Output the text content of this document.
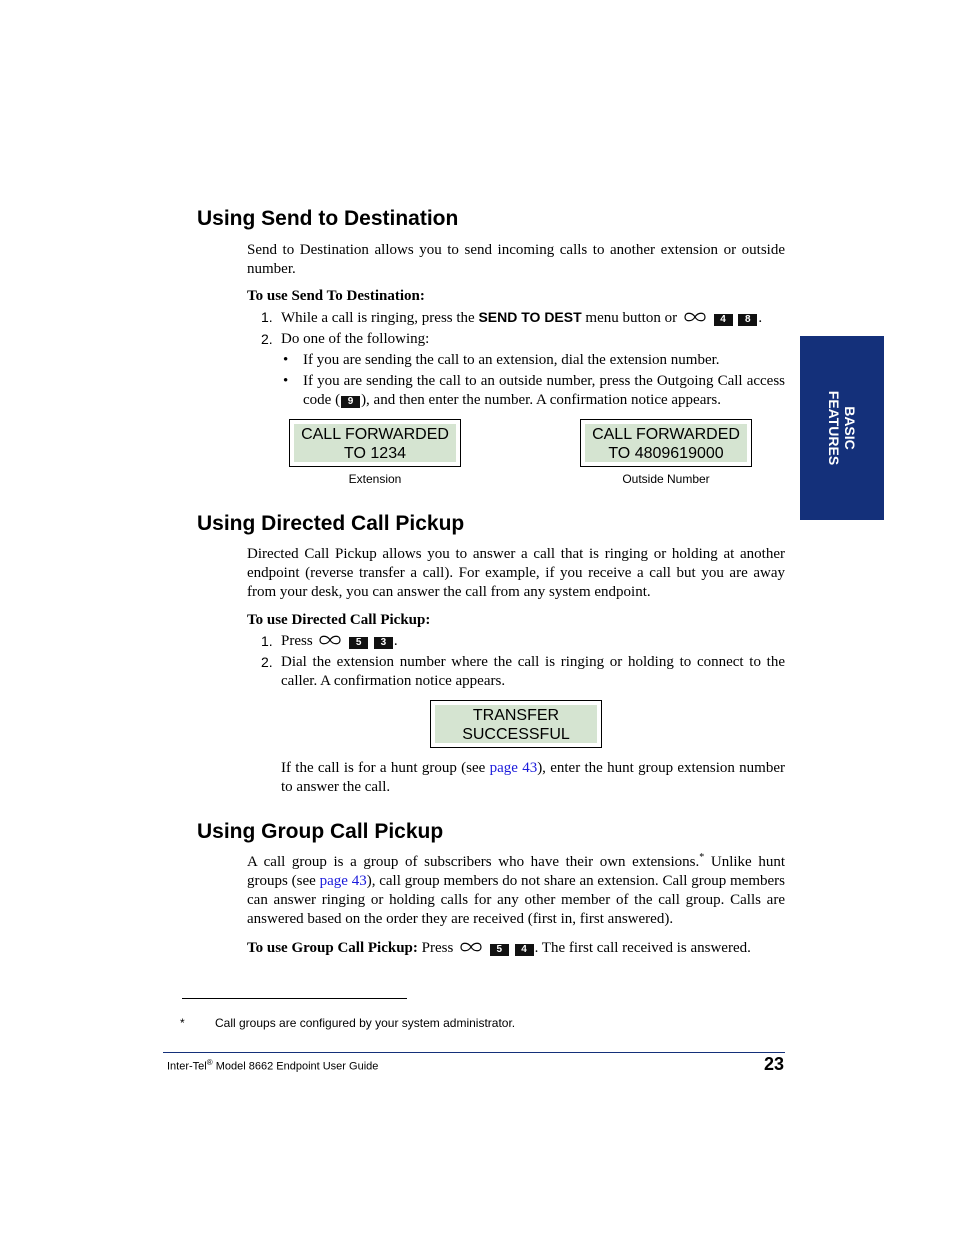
BASIC
FEATURES
Using Send to Destination

Send to Destination allows you to send incoming calls to another extension or outside number.

To use Send To Destination:
1. While a call is ringing, press the SEND TO DEST menu button or	4 8 .
2. Do one of the following:
• If you are sending the call to an extension, dial the extension number.
• If you are sending the call to an outside number, press the Outgoing Call access code ( 9 ), and then enter the number. A confirmation notice appears.
CALL FORWARDED
TO 1234
Extension
CALL FORWARDED
TO 4809619000
Outside Number
Using Directed Call Pickup

Directed Call Pickup allows you to answer a call that is ringing or holding at another endpoint (reverse transfer a call). For example, if you receive a call but you are away from your desk, you can answer the call from any system endpoint.

To use Directed Call Pickup:
1. Press	5 3 .
2. Dial the extension number where the call is ringing or holding to connect to the caller. A confirmation notice appears.
TRANSFER
SUCCESSFUL

If the call is for a hunt group (see page 43), enter the hunt group extension number to answer the call.

Using Group Call Pickup

A call group is a group of subscribers who have their own extensions.* Unlike hunt groups (see page 43), call group members do not share an extension. Call group members can answer ringing or holding calls for any other member of the call group. Calls are answered based on the order they are received (first in, first answered).

To use Group Call Pickup: Press	5 4 . The first call received is answered.
*	Call groups are configured by your system administrator.
Inter-Tel® Model 8662 Endpoint User Guide	23
